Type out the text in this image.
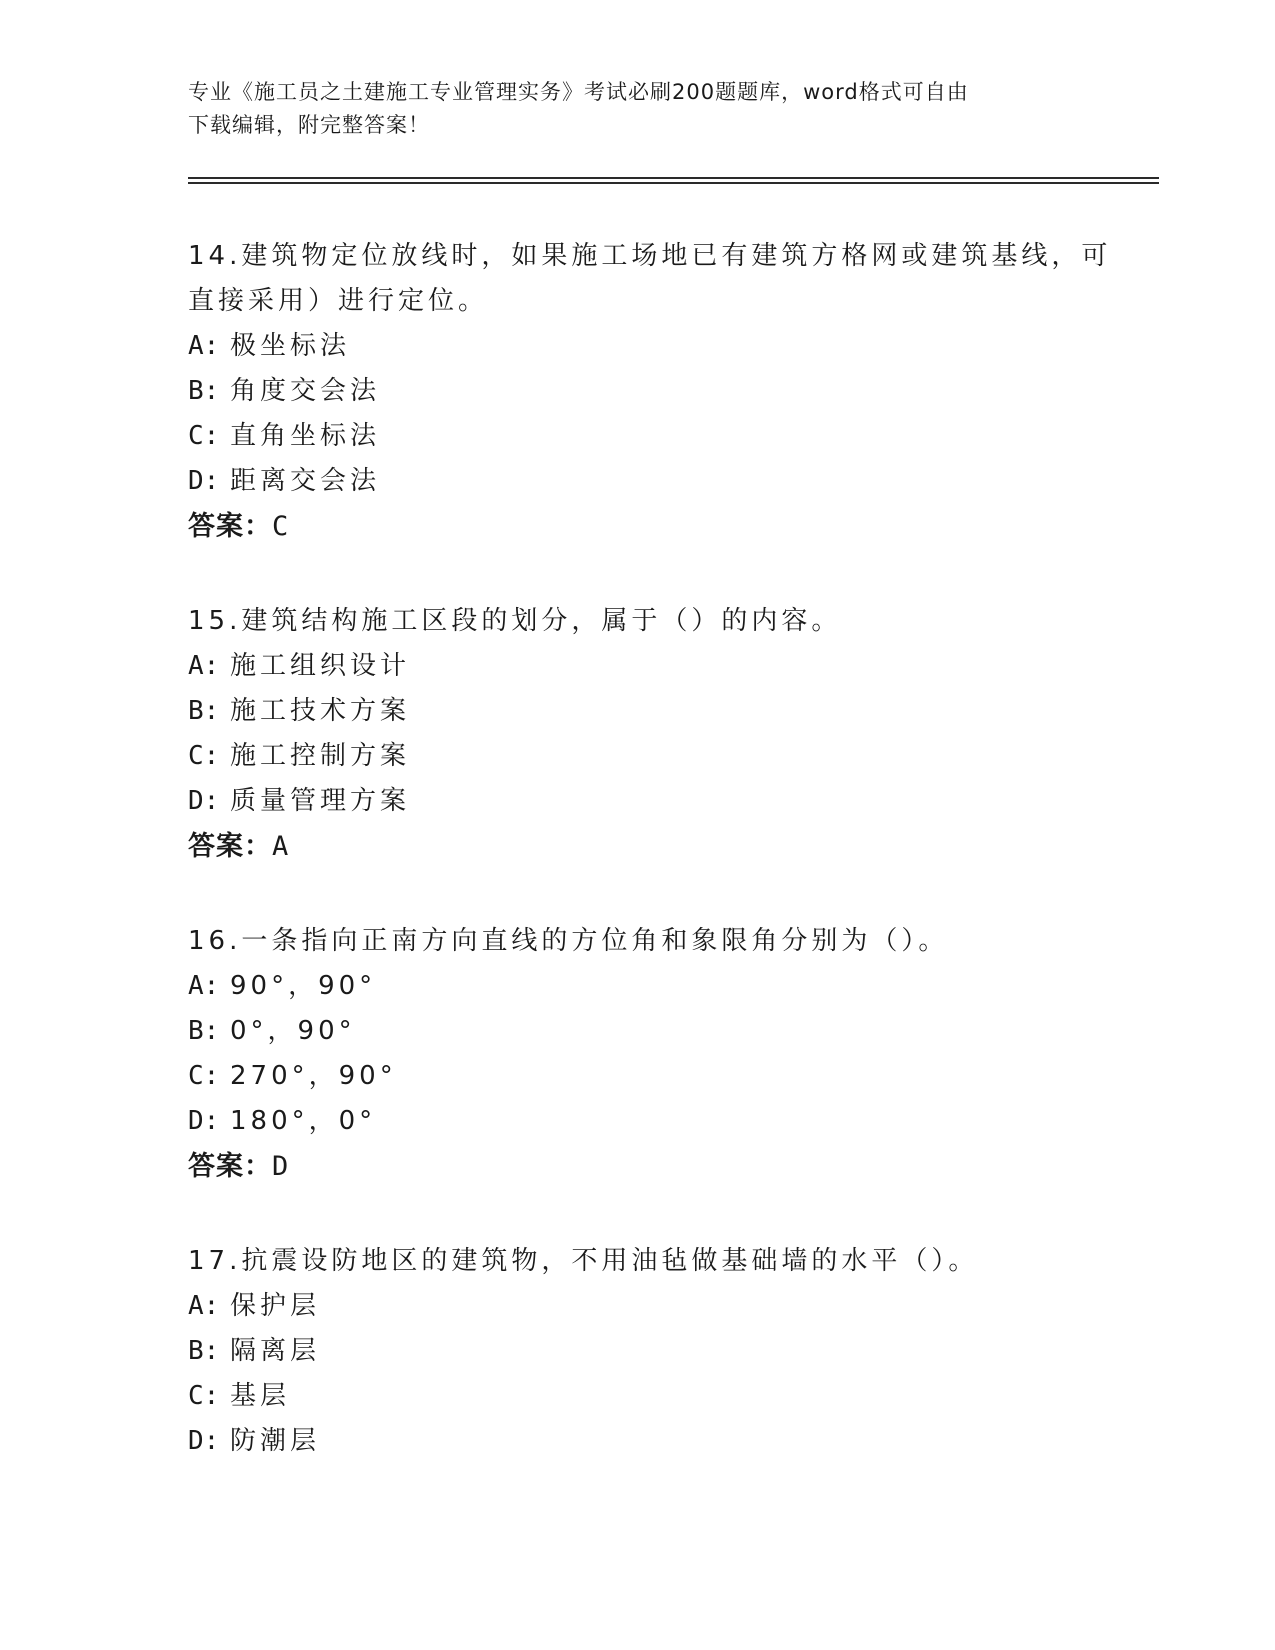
专业《施工员之土建施工专业管理实务》考试必刷200题题库，word格式可自由
下载编辑，附完整答案！
14.建筑物定位放线时，如果施工场地已有建筑方格网或建筑基线，可
直接采用）进行定位。
A: 极坐标法
B: 角度交会法
C: 直角坐标法
D: 距离交会法
答案：C
15.建筑结构施工区段的划分，属于（）的内容。
A: 施工组织设计
B: 施工技术方案
C: 施工控制方案
D: 质量管理方案
答案：A
16.一条指向正南方向直线的方位角和象限角分别为（）。
A: 90°，90°
B: 0°，90°
C: 270°，90°
D: 180°，0°
答案：D
17.抗震设防地区的建筑物，不用油毡做基础墙的水平（）。
A: 保护层
B: 隔离层
C: 基层
D: 防潮层
